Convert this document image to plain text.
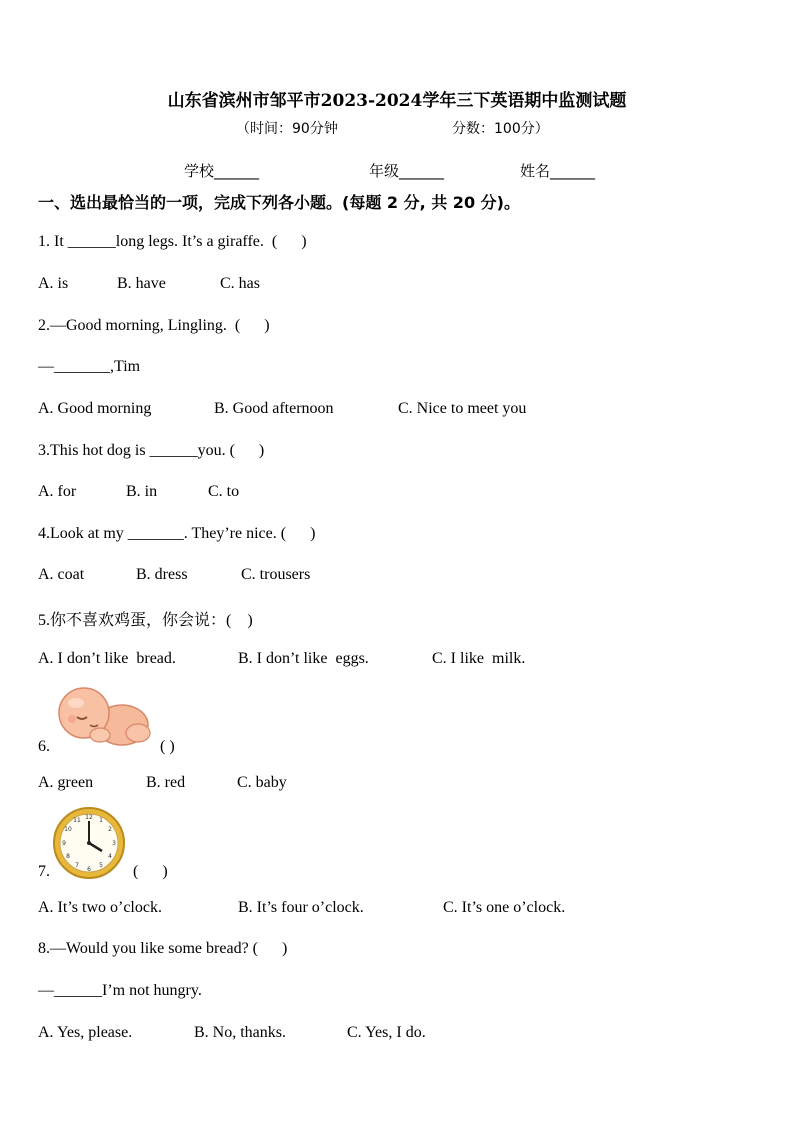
山东省滨州市邹平市2023-2024学年三下英语期中监测试题
（时间：90分钟	分数：100分）
学校______	年级______	姓名______
一、选出最恰当的一项，完成下列各小题。(每题 2 分, 共 20 分)。
1. It ______long legs. It’s a giraffe.  (      )
A. is	B. have	C. has
2.—Good morning, Lingling.  (      )
—_______,Tim
A. Good morning	B. Good afternoon	C. Nice to meet you
3.This hot dog is ______you. (      )
A. for	B. in	C. to
4.Look at my _______. They’re nice. (      )
A. coat	B. dress	C. trousers
5.你不喜欢鸡蛋，你会说：(    )
A. I don’t like  bread.	B. I don’t like  eggs.	C. I like  milk.
6.	( )
A. green	B. red	C. baby
7.
12 1
2
3
4
5
6
7
8
9
10
11
(      )
A. It’s two o’clock.	B. It’s four o’clock.	C. It’s one o’clock.
8.—Would you like some bread? (      )
—______I’m not hungry.
A. Yes, please.	B. No, thanks.	C. Yes, I do.
